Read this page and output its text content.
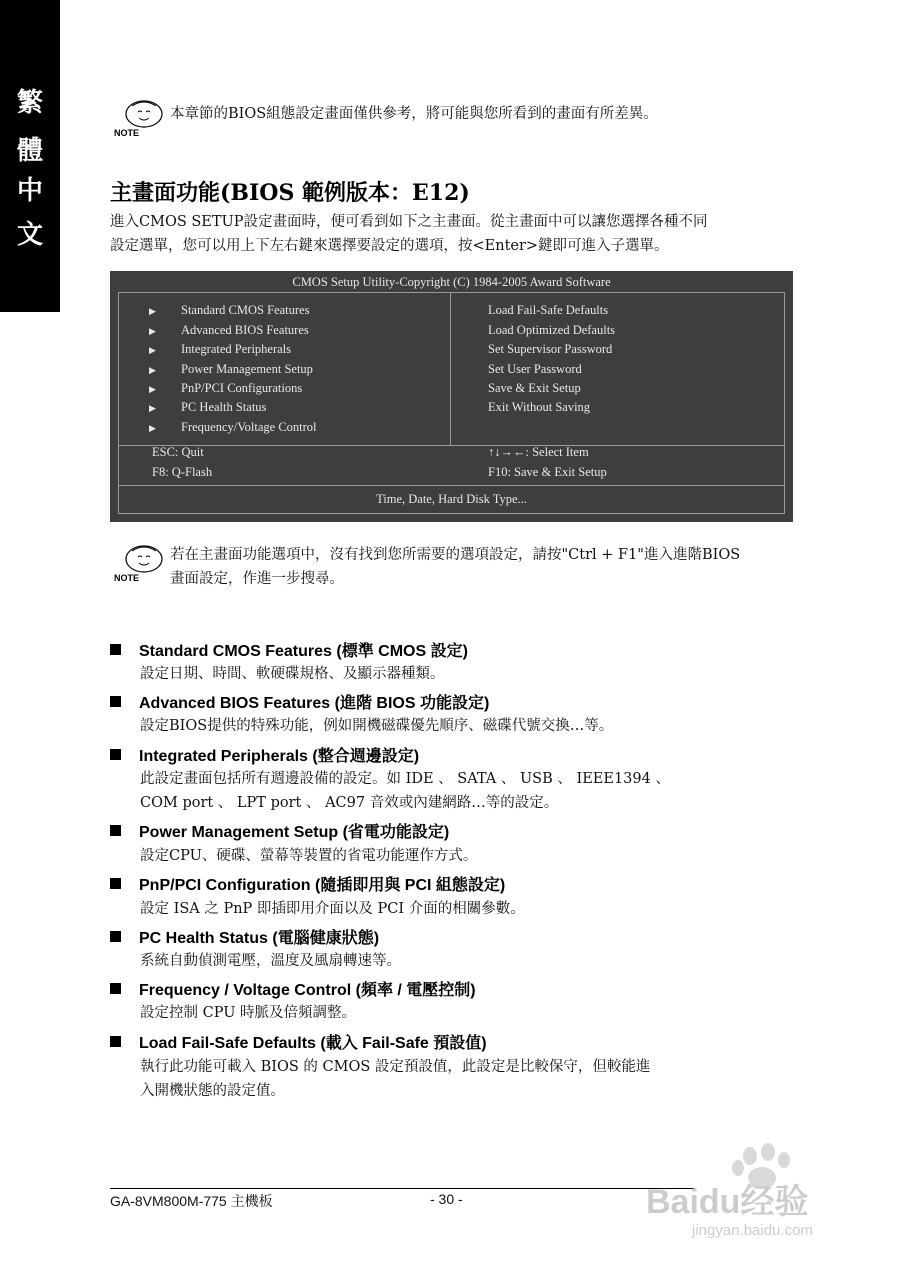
繁
體
中
文
NOTE
本章節的BIOS組態設定畫面僅供參考，將可能與您所看到的畫面有所差異。
主畫面功能(BIOS 範例版本：E12)
進入CMOS SETUP設定畫面時，便可看到如下之主畫面。從主畫面中可以讓您選擇各種不同
設定選單，您可以用上下左右鍵來選擇要設定的選項，按<Enter>鍵即可進入子選單。
CMOS Setup Utility-Copyright (C) 1984-2005 Award Software
▶ Standard CMOS Features
▶ Advanced BIOS Features
▶ Integrated Peripherals
▶ Power Management Setup
▶ PnP/PCI Configurations
▶ PC Health Status
▶ Frequency/Voltage Control
Load Fail-Safe Defaults
Load Optimized Defaults
Set Supervisor Password
Set User Password
Save & Exit Setup
Exit Without Saving
ESC: Quit	↑↓→←: Select Item
F8: Q-Flash	F10: Save & Exit Setup
Time, Date, Hard Disk Type...
NOTE
若在主畫面功能選項中，沒有找到您所需要的選項設定，請按"Ctrl + F1"進入進階BIOS
畫面設定，作進一步搜尋。
Standard CMOS Features (標準 CMOS 設定)
設定日期、時間、軟硬碟規格、及顯示器種類。
Advanced BIOS Features (進階 BIOS 功能設定)
設定BIOS提供的特殊功能，例如開機磁碟優先順序、磁碟代號交換…等。
Integrated Peripherals (整合週邊設定)
此設定畫面包括所有週邊設備的設定。如 IDE 、 SATA 、 USB 、 IEEE1394 、
COM port 、 LPT port 、 AC97 音效或內建網路…等的設定。
Power Management Setup (省電功能設定)
設定CPU、硬碟、螢幕等裝置的省電功能運作方式。
PnP/PCI Configuration (隨插即用與 PCI 組態設定)
設定 ISA 之 PnP 即插即用介面以及 PCI 介面的相關參數。
PC Health Status (電腦健康狀態)
系統自動偵測電壓，溫度及風扇轉速等。
Frequency / Voltage Control (頻率 / 電壓控制)
設定控制 CPU 時脈及倍頻調整。
Load Fail-Safe Defaults (載入 Fail-Safe 預設值)
執行此功能可載入 BIOS 的 CMOS 設定預設值，此設定是比較保守，但較能進
入開機狀態的設定值。
GA-8VM800M-775 主機板	- 30 -	Baidu经验
jingyan.baidu.com
